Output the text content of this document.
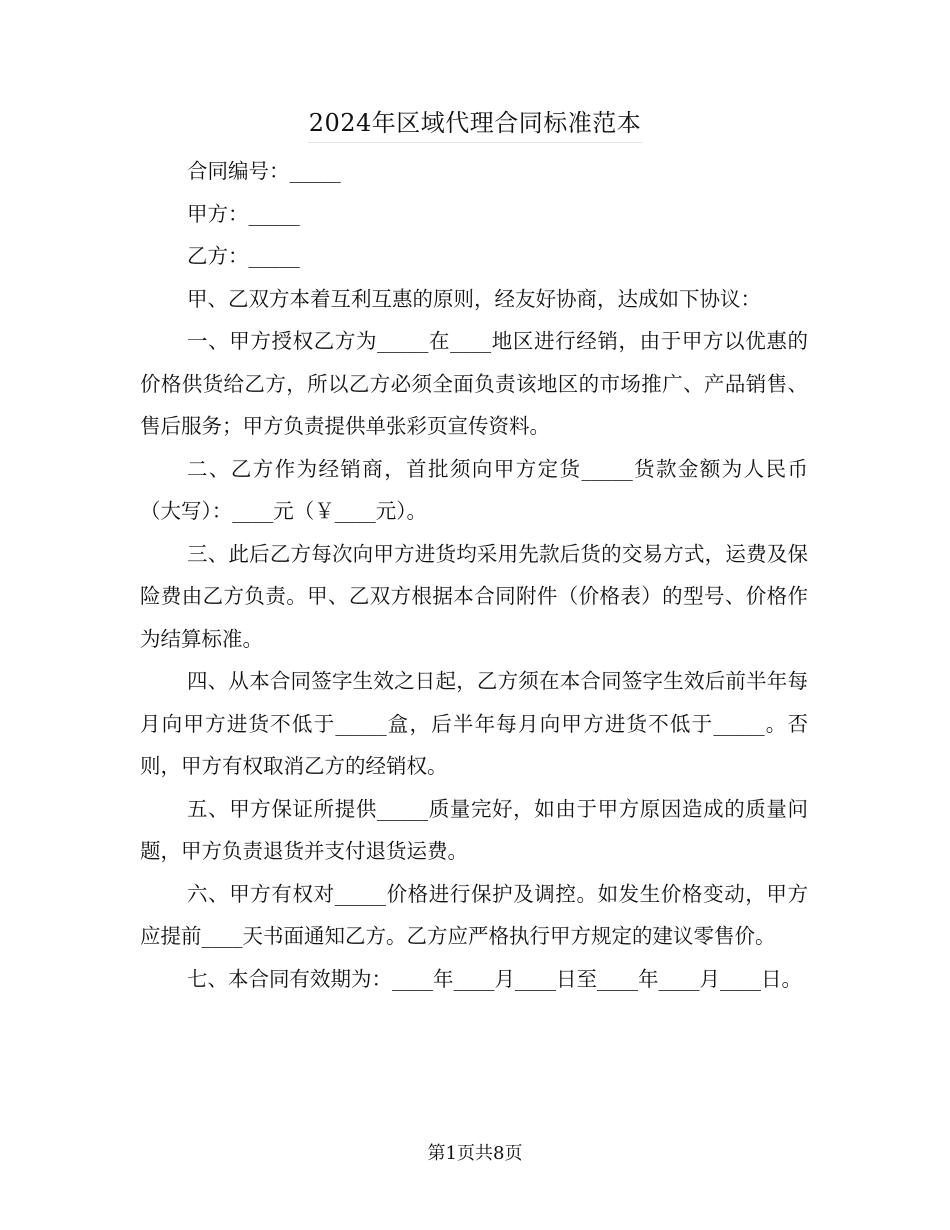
2024年区域代理合同标准范本

合同编号：_____

甲方：_____

乙方：_____

甲、乙双方本着互利互惠的原则，经友好协商，达成如下协议：

一、甲方授权乙方为_____在____地区进行经销，由于甲方以优惠的价格供货给乙方，所以乙方必须全面负责该地区的市场推广、产品销售、售后服务；甲方负责提供单张彩页宣传资料。

二、乙方作为经销商，首批须向甲方定货_____货款金额为人民币（大写）：____元（￥____元）。

三、此后乙方每次向甲方进货均采用先款后货的交易方式，运费及保险费由乙方负责。甲、乙双方根据本合同附件（价格表）的型号、价格作为结算标准。

四、从本合同签字生效之日起，乙方须在本合同签字生效后前半年每月向甲方进货不低于_____盒，后半年每月向甲方进货不低于_____。否则，甲方有权取消乙方的经销权。

五、甲方保证所提供_____质量完好，如由于甲方原因造成的质量问题，甲方负责退货并支付退货运费。

六、甲方有权对_____价格进行保护及调控。如发生价格变动，甲方应提前____天书面通知乙方。乙方应严格执行甲方规定的建议零售价。

七、本合同有效期为：____年____月____日至____年____月____日。

第1页共8页
